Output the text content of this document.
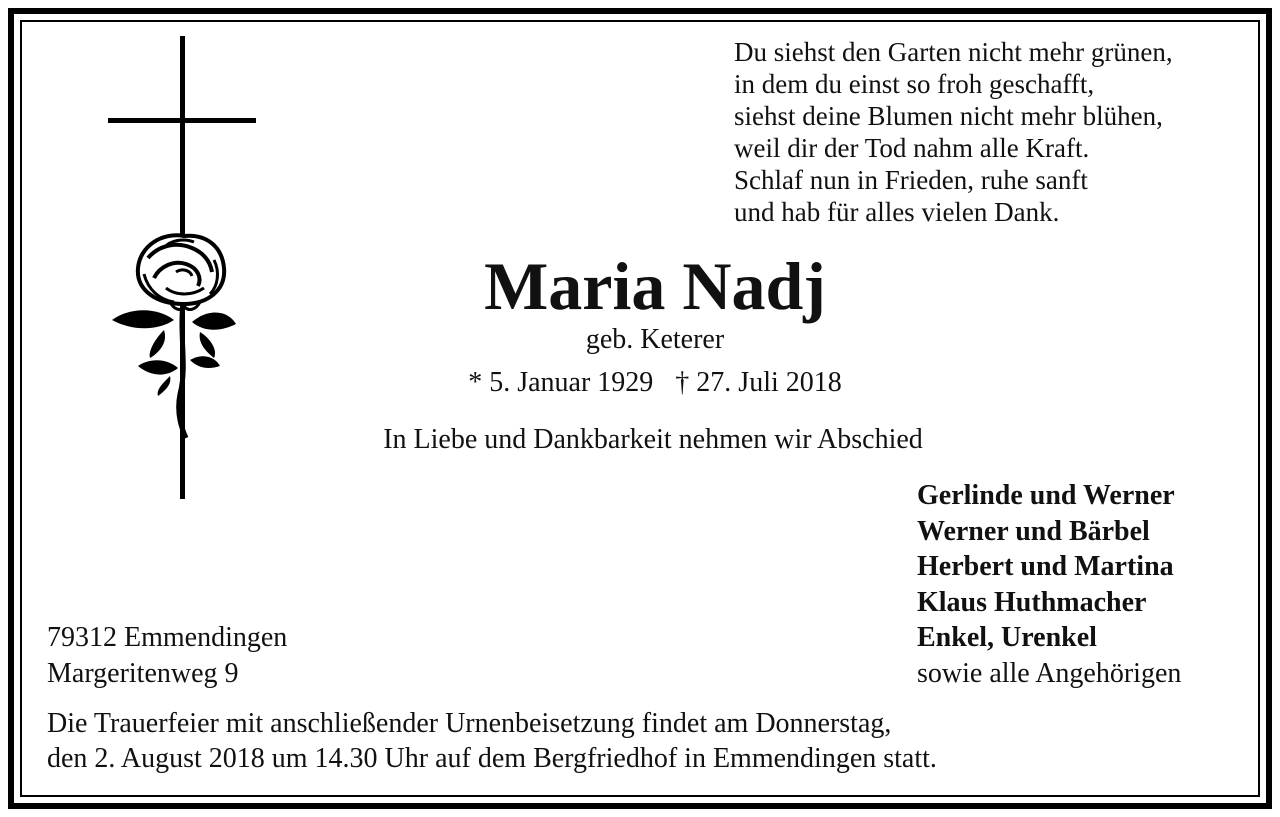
Du siehst den Garten nicht mehr grünen,
in dem du einst so froh geschafft,
siehst deine Blumen nicht mehr blühen,
weil dir der Tod nahm alle Kraft.
Schlaf nun in Frieden, ruhe sanft
und hab für alles vielen Dank.
Maria Nadj
geb. Keterer
* 5. Januar 1929 † 27. Juli 2018
In Liebe und Dankbarkeit nehmen wir Abschied
Gerlinde und Werner
Werner und Bärbel
Herbert und Martina
Klaus Huthmacher
Enkel, Urenkel
sowie alle Angehörigen
79312 Emmendingen
Margeritenweg 9
Die Trauerfeier mit anschließender Urnenbeisetzung findet am Donnerstag,
den 2. August 2018 um 14.30 Uhr auf dem Bergfriedhof in Emmendingen statt.
